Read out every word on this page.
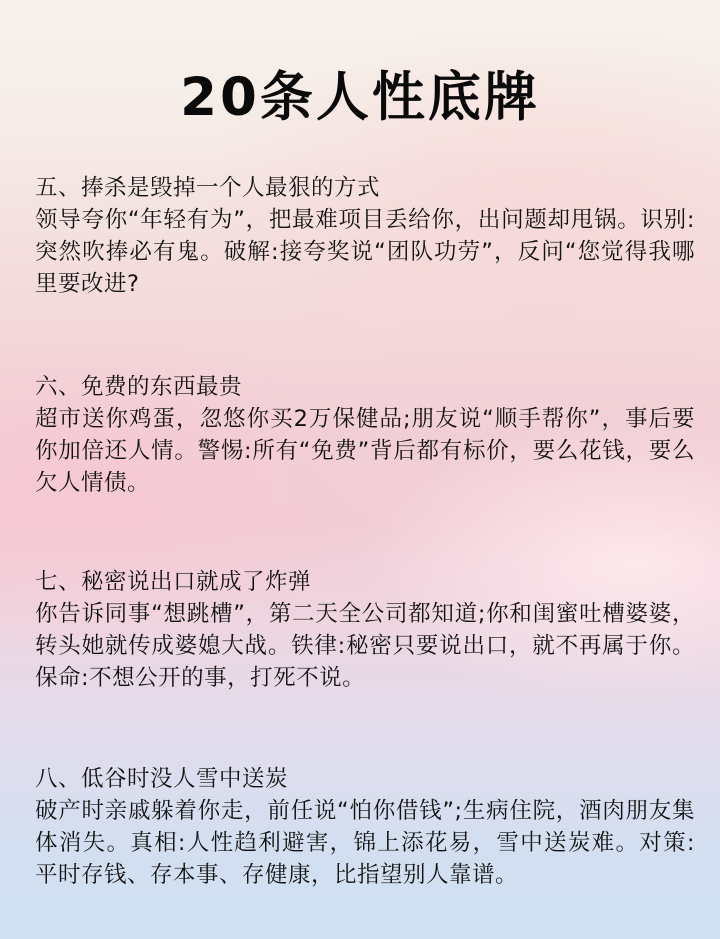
20条人性底牌

五、捧杀是毁掉一个人最狠的方式

领导夸你“年轻有为”，把最难项目丢给你，出问题却甩锅。识别:突然吹捧必有鬼。破解:接夸奖说“团队功劳”，反问“您觉得我哪里要改进?

六、免费的东西最贵

超市送你鸡蛋，忽悠你买2万保健品;朋友说“顺手帮你”，事后要你加倍还人情。警惕:所有“免费”背后都有标价，要么花钱，要么欠人情债。

七、秘密说出口就成了炸弹

你告诉同事“想跳槽”，第二天全公司都知道;你和闺蜜吐槽婆婆，转头她就传成婆媳大战。铁律:秘密只要说出口，就不再属于你。保命:不想公开的事，打死不说。

八、低谷时没人雪中送炭

破产时亲戚躲着你走，前任说“怕你借钱”;生病住院，酒肉朋友集体消失。真相:人性趋利避害，锦上添花易，雪中送炭难。对策:平时存钱、存本事、存健康，比指望别人靠谱。
